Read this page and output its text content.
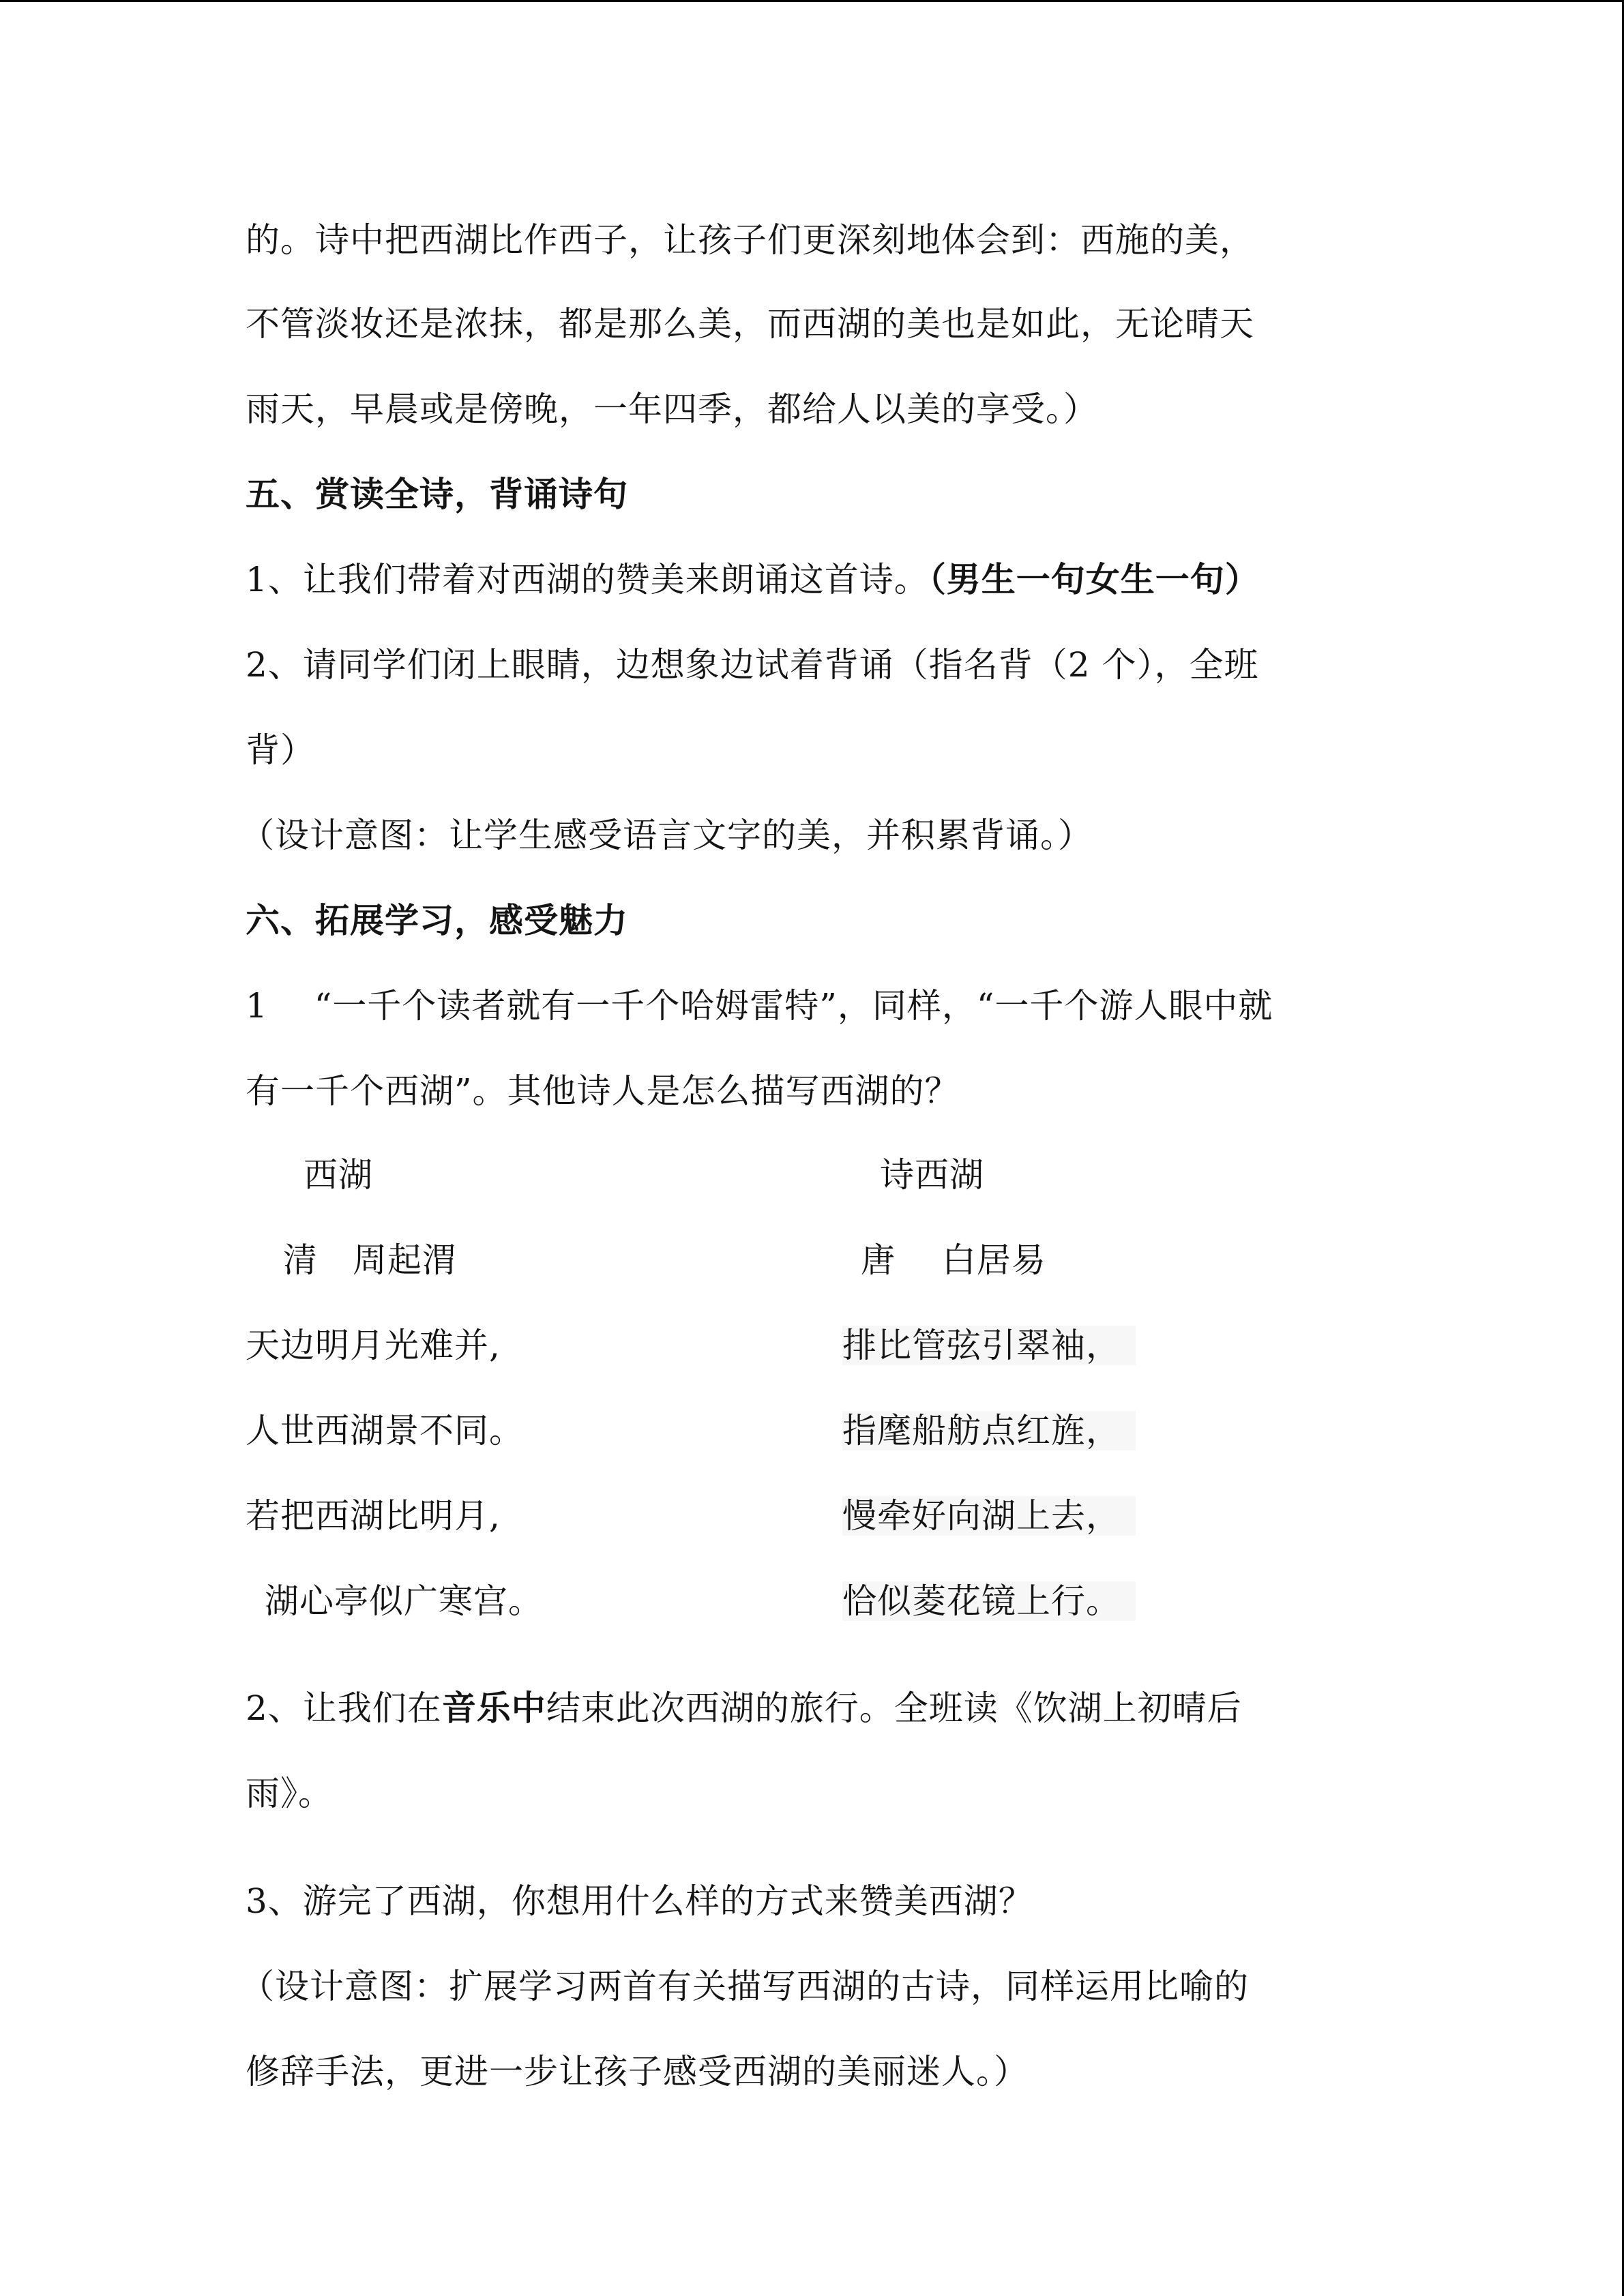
的。诗中把西湖比作西子，让孩子们更深刻地体会到：西施的美，
不管淡妆还是浓抹，都是那么美，而西湖的美也是如此，无论晴天
雨天，早晨或是傍晚，一年四季，都给人以美的享受。）
五、赏读全诗，背诵诗句
1、让我们带着对西湖的赞美来朗诵这首诗。（男生一句女生一句）
2、请同学们闭上眼睛，边想象边试着背诵（指名背（2 个），全班
背）
（设计意图：让学生感受语言文字的美，并积累背诵。）
六、拓展学习，感受魅力
1　 “一千个读者就有一千个哈姆雷特”，同样，“一千个游人眼中就
有一千个西湖”。其他诗人是怎么描写西湖的？
西湖
清　周起渭
天边明月光难并,
人世西湖景不同。
若把西湖比明月,
湖心亭似广寒宫。
诗西湖
唐　 白居易
排比管弦引翠袖，
指麾船舫点红旌，
慢牵好向湖上去，
恰似菱花镜上行。
2、让我们在音乐中结束此次西湖的旅行。全班读《饮湖上初晴后
雨》。
3、游完了西湖，你想用什么样的方式来赞美西湖？
（设计意图：扩展学习两首有关描写西湖的古诗，同样运用比喻的
修辞手法，更进一步让孩子感受西湖的美丽迷人。）
